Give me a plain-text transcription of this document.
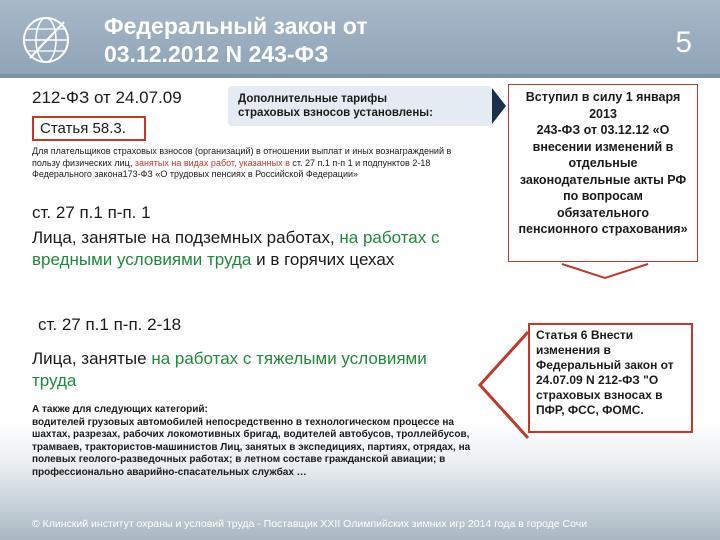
Федеральный закон от
03.12.2012 N 243-ФЗ	5
212-ФЗ от 24.07.09
Статья 58.3.
Дополнительные тарифы
страховых взносов установлены:
Для плательщиков страховых взносов (организаций) в отношении выплат и иных вознаграждений в пользу физических лиц, занятых на видах работ, указанных в ст. 27 п.1 п-п 1 и подпунктов 2-18 Федерального закона173-ФЗ «О трудовых пенсиях в Российской Федерации»
ст. 27 п.1 п-п. 1
Лица, занятые на подземных работах, на работах с вредными условиями труда и в горячих цехах
ст. 27 п.1 п-п. 2-18
Лица, занятые на работах с тяжелыми условиями труда
А также для следующих категорий:
водителей грузовых автомобилей непосредственно в технологическом процессе на шахтах, разрезах, рабочих локомотивных бригад, водителей автобусов, троллейбусов, трамваев, трактористов-машинистов Лиц, занятых в экспедициях, партиях, отрядах, на полевых геолого-разведочных работах; в летном составе гражданской авиации; в профессионально аварийно-спасательных службах …
Вступил в силу 1 января 2013
243-ФЗ от 03.12.12 «О внесении изменений в отдельные законодательные акты РФ по вопросам обязательного пенсионного страхования»
Статья 6 Внести изменения в Федеральный закон от 24.07.09 N 212-ФЗ "О страховых взносах в ПФР, ФСС, ФОМС.
© Клинский институт охраны и условий труда - Поставщик XXII Олимпийских зимних игр 2014 года в городе Сочи
